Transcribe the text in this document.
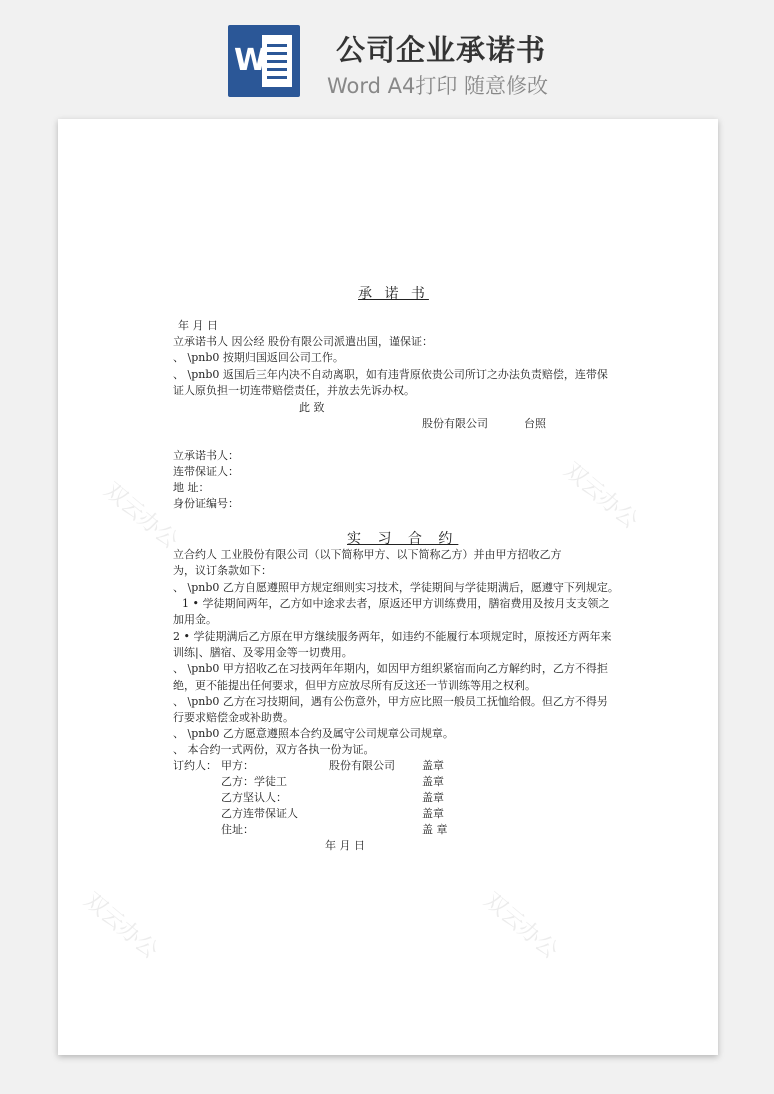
W 公司企业承诺书
Word A4打印 随意修改
双云办公	双云办公
双云办公	双云办公
承 诺 书
年 月 日
立承诺书人 因公经 股份有限公司派遣出国，谨保证：
、 \pnb0 按期归国返回公司工作。
、 \pnb0 返国后三年内决不自动离职，如有违背原依贵公司所订之办法负责赔偿，连带保
证人原负担一切连带赔偿责任，并放去先诉办权。
此 致
股份有限公司	台照
立承诺书人：
连带保证人：
地 址：
身份证编号：
实 习 合 约
立合约人 工业股份有限公司（以下简称甲方、以下简称乙方）并由甲方招收乙方
为，议订条款如下：
、 \pnb0 乙方自愿遵照甲方规定细则实习技术，学徒期间与学徒期满后，愿遵守下列规定。
1 • 学徒期间两年，乙方如中途求去者，原返还甲方训练费用，膳宿费用及按月支支领之
加用金。
2 • 学徒期满后乙方原在甲方继续服务两年，如违约不能履行本项规定时，原按还方两年来
训练|、膳宿、及零用金等一切费用。
、 \pnb0 甲方招收乙在习技两年年期内，如因甲方组织紧宿而向乙方解约时，乙方不得拒
绝，更不能提出任何要求，但甲方应放尽所有反这还一节训练等用之权利。
、 \pnb0 乙方在习技期间，遇有公伤意外，甲方应比照一般员工抚恤给假。但乙方不得另
行要求赔偿金或补助费。
、 \pnb0 乙方愿意遵照本合约及属守公司规章公司规章。
、 本合约一式两份，双方各执一份为证。
订约人： 甲方：	股份有限公司 盖章
乙方：学徒工	盖章
乙方坚认人：	盖章
乙方连带保证人	盖章
住址：	盖 章
年 月 日
